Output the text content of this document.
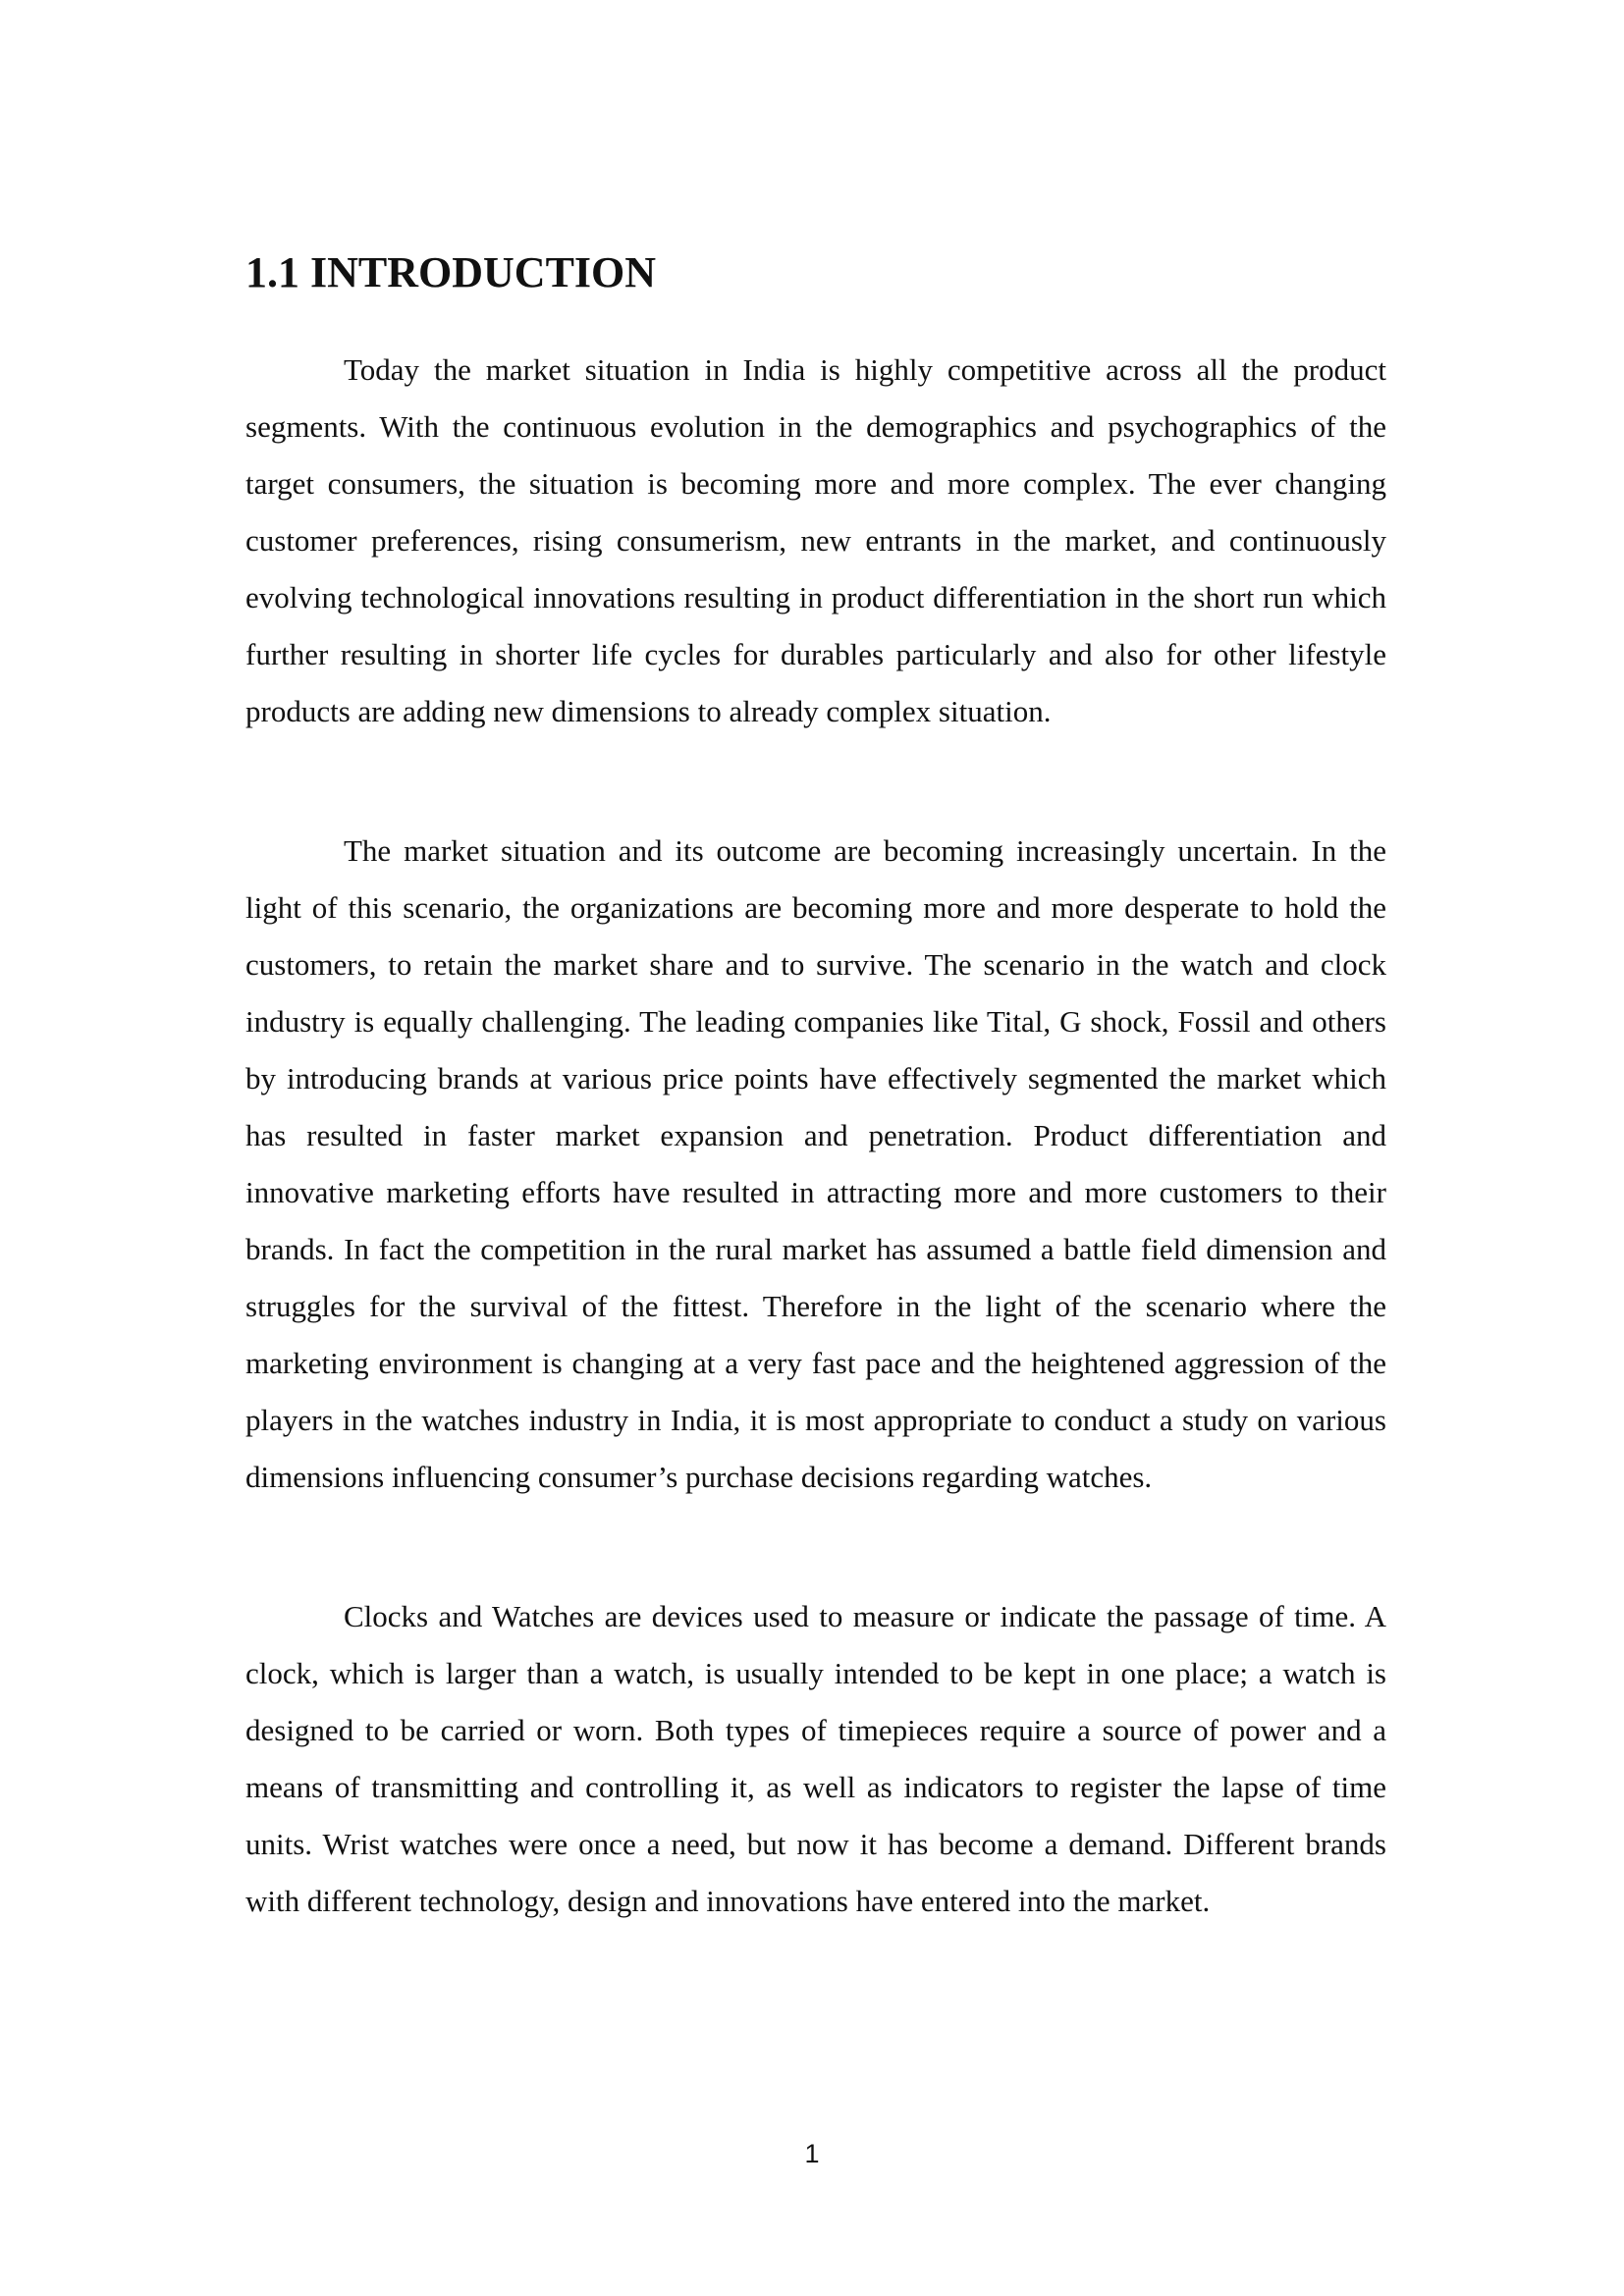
1.1 INTRODUCTION

Today the market situation in India is highly competitive across all the product segments. With the continuous evolution in the demographics and psychographics of the target consumers, the situation is becoming more and more complex. The ever changing customer preferences, rising consumerism, new entrants in the market, and continuously evolving technological innovations resulting in product differentiation in the short run which further resulting in shorter life cycles for durables particularly and also for other lifestyle products are adding new dimensions to already complex situation.

The market situation and its outcome are becoming increasingly uncertain. In the light of this scenario, the organizations are becoming more and more desperate to hold the customers, to retain the market share and to survive. The scenario in the watch and clock industry is equally challenging. The leading companies like Tital, G shock, Fossil and others by introducing brands at various price points have effectively segmented the market which has resulted in faster market expansion and penetration. Product differentiation and innovative marketing efforts have resulted in attracting more and more customers to their brands. In fact the competition in the rural market has assumed a battle field dimension and struggles for the survival of the fittest. Therefore in the light of the scenario where the marketing environment is changing at a very fast pace and the heightened aggression of the players in the watches industry in India, it is most appropriate to conduct a study on various dimensions influencing consumer’s purchase decisions regarding watches.

Clocks and Watches are devices used to measure or indicate the passage of time. A clock, which is larger than a watch, is usually intended to be kept in one place; a watch is designed to be carried or worn. Both types of timepieces require a source of power and a means of transmitting and controlling it, as well as indicators to register the lapse of time units. Wrist watches were once a need, but now it has become a demand. Different brands with different technology, design and innovations have entered into the market.

1
